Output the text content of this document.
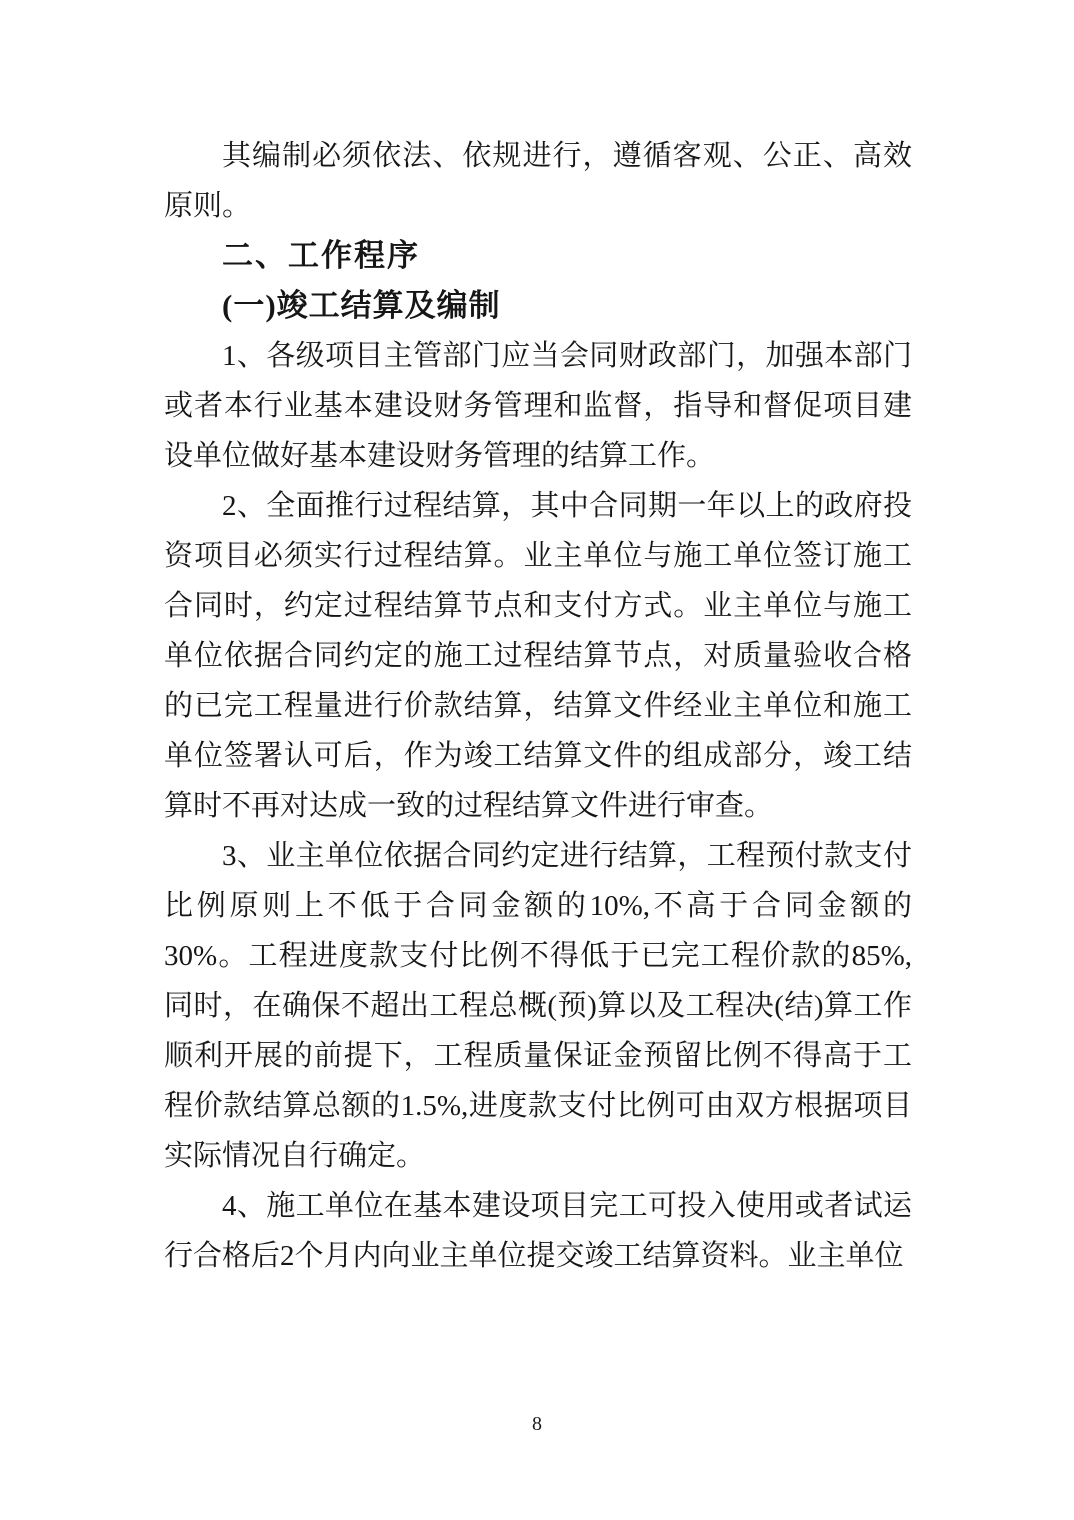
其编制必须依法、依规进行，遵循客观、公正、高效原则。

二、工作程序
(一)竣工结算及编制

1、各级项目主管部门应当会同财政部门，加强本部门或者本行业基本建设财务管理和监督，指导和督促项目建设单位做好基本建设财务管理的结算工作。

2、全面推行过程结算，其中合同期一年以上的政府投资项目必须实行过程结算。业主单位与施工单位签订施工合同时，约定过程结算节点和支付方式。业主单位与施工单位依据合同约定的施工过程结算节点，对质量验收合格的已完工程量进行价款结算，结算文件经业主单位和施工单位签署认可后，作为竣工结算文件的组成部分，竣工结算时不再对达成一致的过程结算文件进行审查。

3、业主单位依据合同约定进行结算，工程预付款支付比例原则上不低于合同金额的10%,不高于合同金额的30%。工程进度款支付比例不得低于已完工程价款的85%,同时，在确保不超出工程总概(预)算以及工程决(结)算工作顺利开展的前提下，工程质量保证金预留比例不得高于工程价款结算总额的1.5%,进度款支付比例可由双方根据项目实际情况自行确定。

4、施工单位在基本建设项目完工可投入使用或者试运行合格后2个月内向业主单位提交竣工结算资料。业主单位

8
